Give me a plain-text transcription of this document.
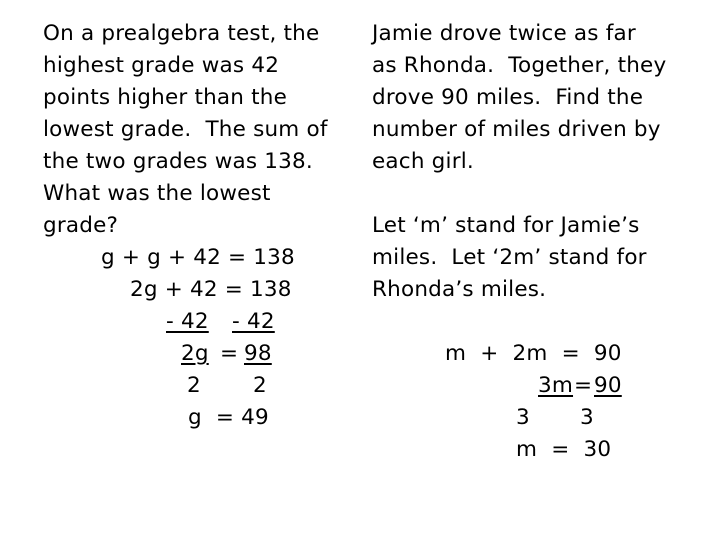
On a prealgebra test, the
highest grade was 42
points higher than the
lowest grade.  The sum of
the two grades was 138.
What was the lowest
grade?
g + g + 42 = 138
2g + 42 = 138
- 42 - 42
2g = 98
2 2
g  = 49
Jamie drove twice as far
as Rhonda.  Together, they
drove 90 miles.  Find the
number of miles driven by
each girl.
Let ‘m’ stand for Jamie’s
miles.  Let ‘2m’ stand for
Rhonda’s miles.
m  +  2m  =  90
3m = 90
3 3
m  =  30
